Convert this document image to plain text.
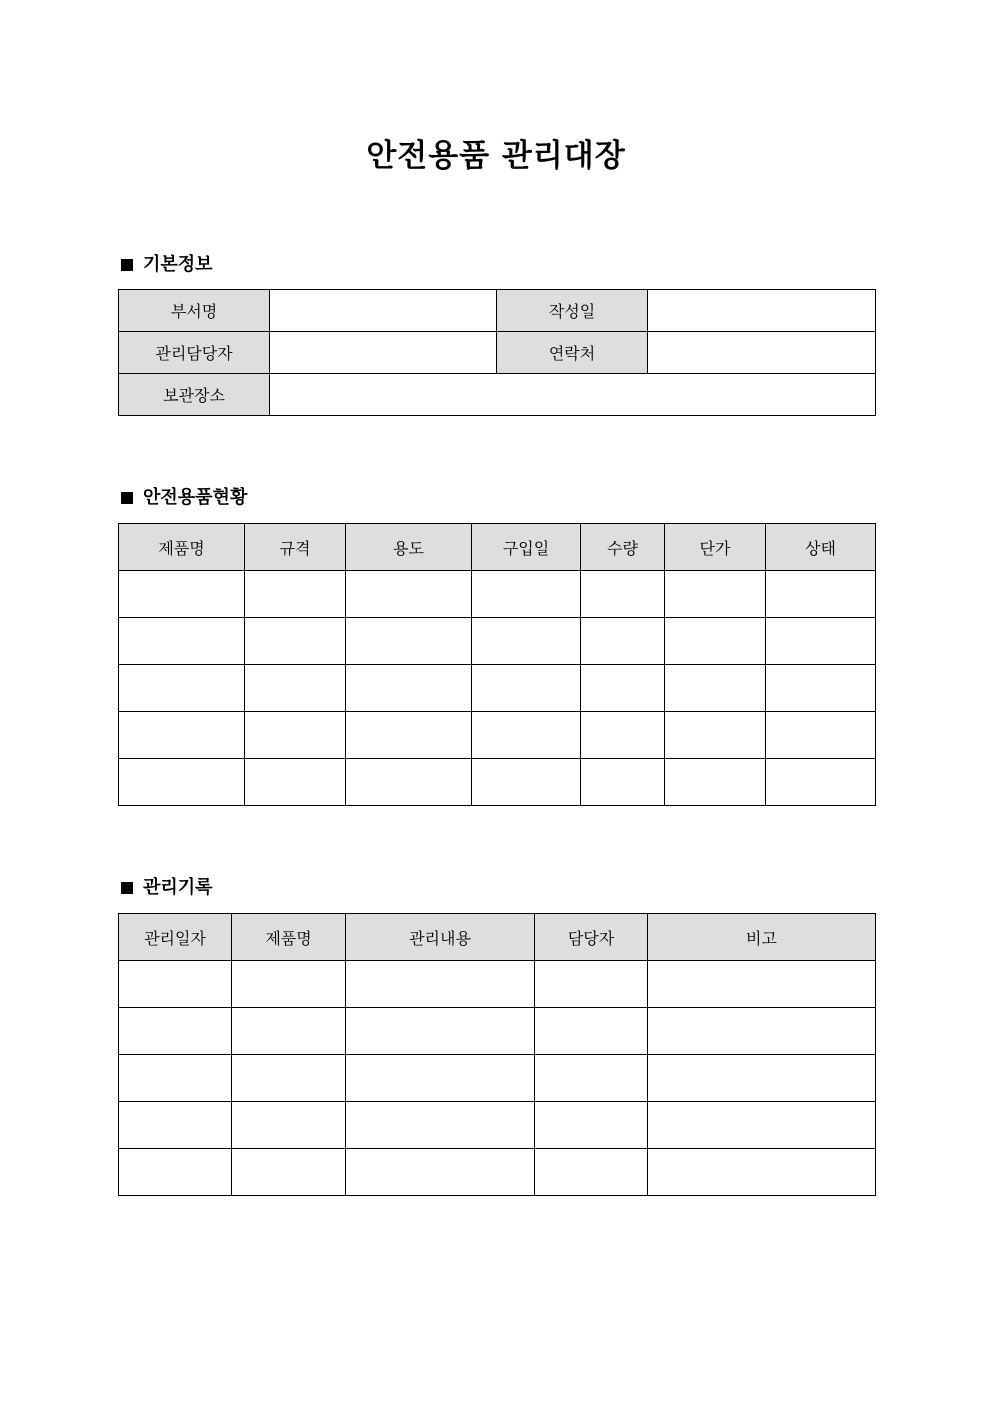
안전용품 관리대장
기본정보
부서명		작성일	
관리담당자		연락처	
보관장소			
안전용품현황
제품명	규격	용도	구입일	수량	단가	상태

관리기록
관리일자	제품명	관리내용	담당자	비고
